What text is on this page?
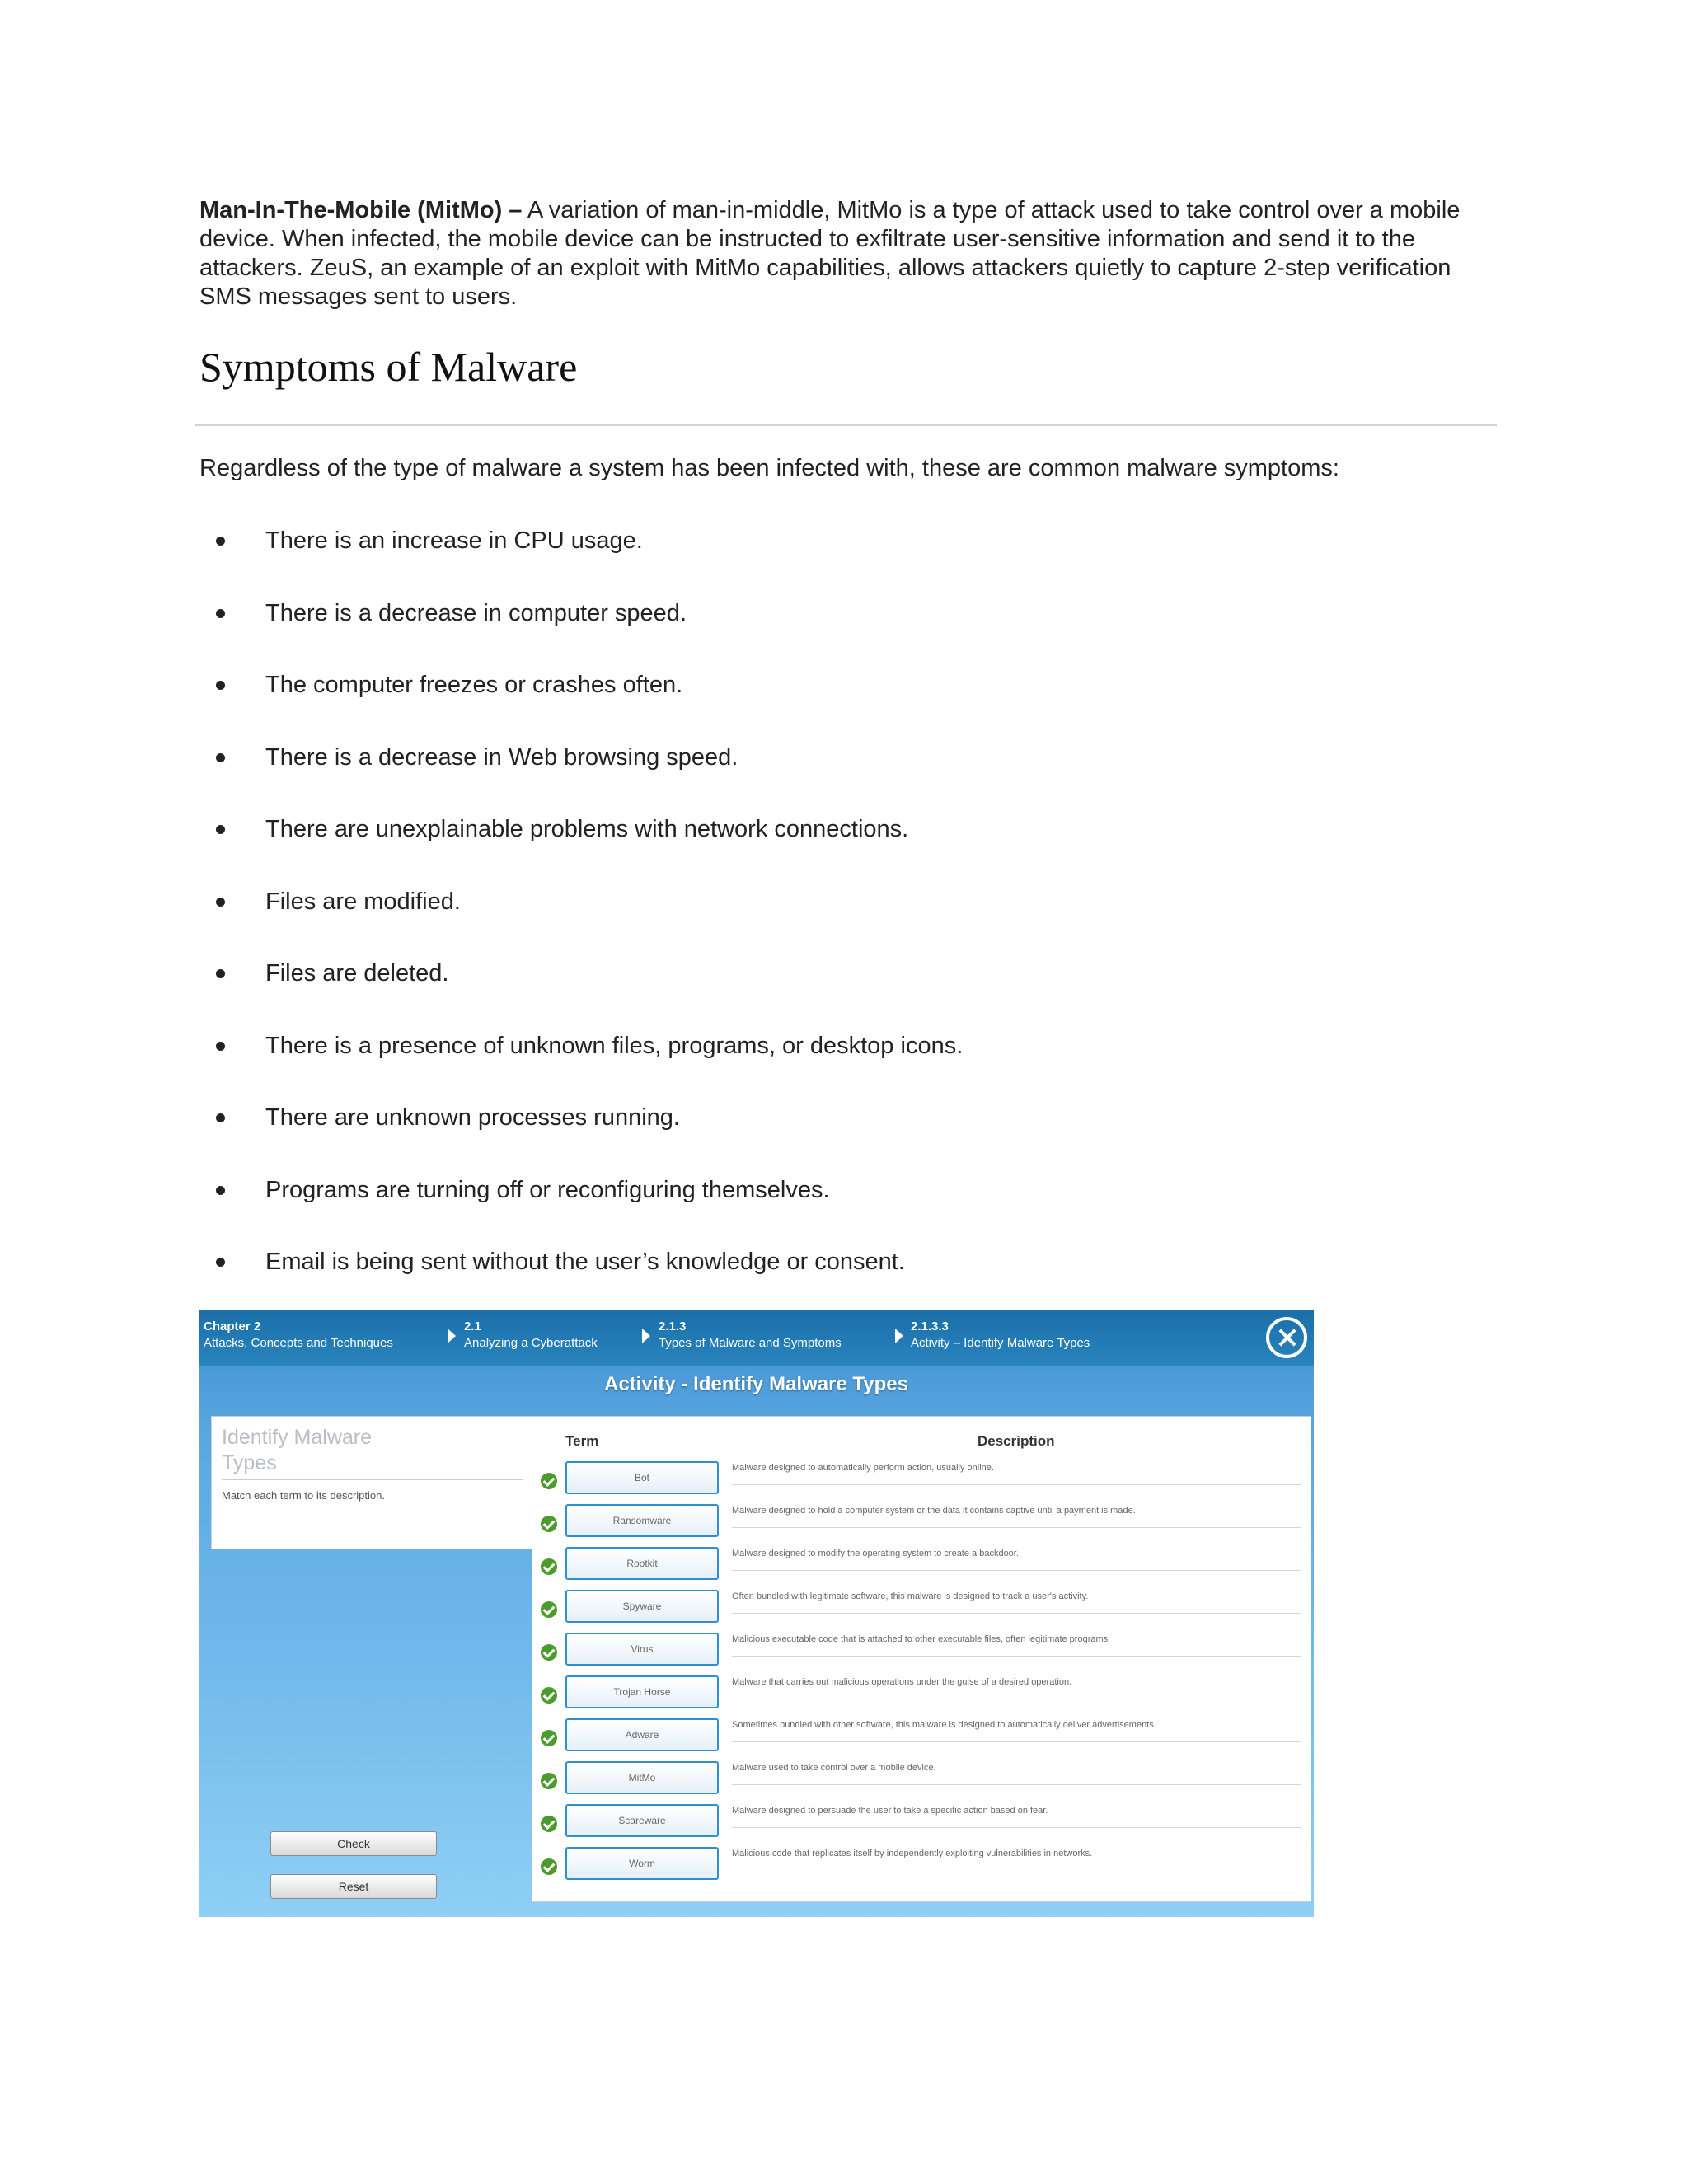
Man-In-The-Mobile (MitMo) – A variation of man-in-middle, MitMo is a type of attack used to take control over a mobile device. When infected, the mobile device can be instructed to exfiltrate user-sensitive information and send it to the attackers. ZeuS, an example of an exploit with MitMo capabilities, allows attackers quietly to capture 2-step verification SMS messages sent to users.

Symptoms of Malware

Regardless of the type of malware a system has been infected with, these are common malware symptoms:

There is an increase in CPU usage.
There is a decrease in computer speed.
The computer freezes or crashes often.
There is a decrease in Web browsing speed.
There are unexplainable problems with network connections.
Files are modified.
Files are deleted.
There is a presence of unknown files, programs, or desktop icons.
There are unknown processes running.
Programs are turning off or reconfiguring themselves.
Email is being sent without the user’s knowledge or consent.
Chapter 2
Attacks, Concepts and Techniques
2.1
Analyzing a Cyberattack
2.1.3
Types of Malware and Symptoms
2.1.3.3
Activity – Identify Malware Types
Activity - Identify Malware Types
Identify Malware Types
Match each term to its description.
Check
Reset
Term	Description
Bot
Malware designed to automatically perform action, usually online.
Ransomware
Malware designed to hold a computer system or the data it contains captive until a payment is made.
Rootkit
Malware designed to modify the operating system to create a backdoor.
Spyware
Often bundled with legitimate software, this malware is designed to track a user's activity.
Virus
Malicious executable code that is attached to other executable files, often legitimate programs.
Trojan Horse
Malware that carries out malicious operations under the guise of a desired operation.
Adware
Sometimes bundled with other software, this malware is designed to automatically deliver advertisements.
MitMo
Malware used to take control over a mobile device.
Scareware
Malware designed to persuade the user to take a specific action based on fear.
Worm
Malicious code that replicates itself by independently exploiting vulnerabilities in networks.
